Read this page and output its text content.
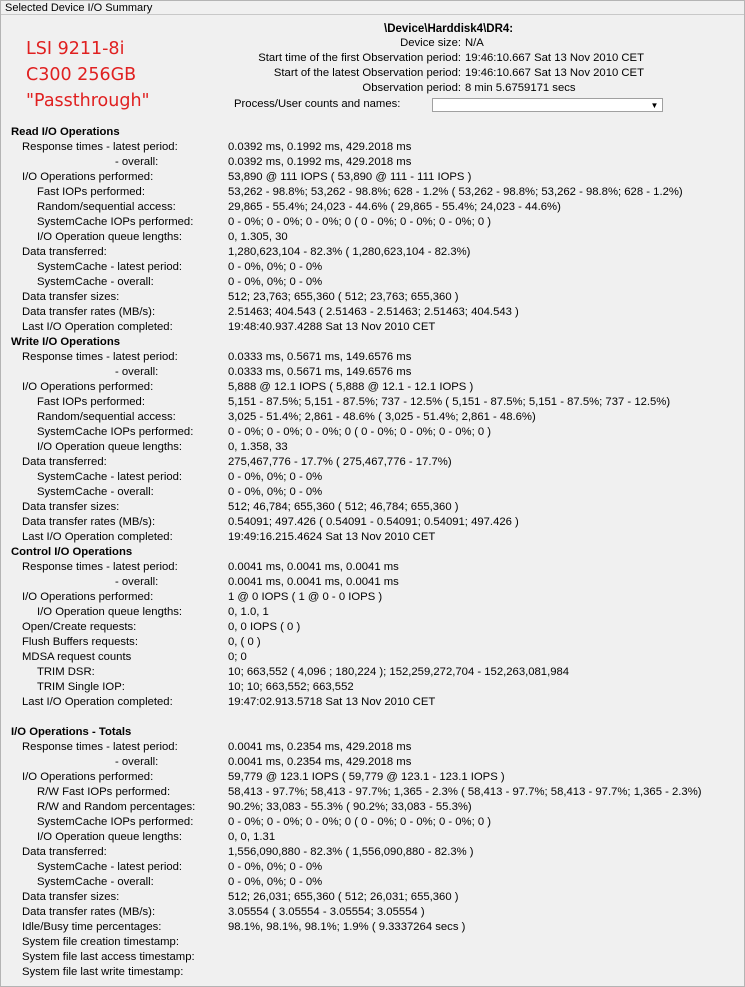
Selected Device I/O Summary
LSI 9211-8i
C300 256GB
"Passthrough"
\Device\Harddisk4\DR4:
Device size: N/A
Start time of the first Observation period: 19:46:10.667 Sat 13 Nov 2010 CET
Start of the latest Observation period: 19:46:10.667 Sat 13 Nov 2010 CET
Observation period: 8 min 5.6759171 secs
Process/User counts and names:	▼
Read I/O Operations
Response times - latest period:	0.0392 ms, 0.1992 ms, 429.2018 ms
- overall:	0.0392 ms, 0.1992 ms, 429.2018 ms
I/O Operations performed:	53,890 @ 111 IOPS ( 53,890 @ 111 - 111 IOPS )
Fast IOPs performed:	53,262 - 98.8%; 53,262 - 98.8%; 628 - 1.2% ( 53,262 - 98.8%; 53,262 - 98.8%; 628 - 1.2%)
Random/sequential access:	29,865 - 55.4%; 24,023 - 44.6% ( 29,865 - 55.4%; 24,023 - 44.6%)
SystemCache IOPs performed:	0 - 0%; 0 - 0%; 0 - 0%; 0 ( 0 - 0%; 0 - 0%; 0 - 0%; 0 )
I/O Operation queue lengths:	0, 1.305, 30
Data transferred:	1,280,623,104 - 82.3% ( 1,280,623,104 - 82.3%)
SystemCache - latest period:	0 - 0%, 0%; 0 - 0%
SystemCache - overall:	0 - 0%, 0%; 0 - 0%
Data transfer sizes:	512; 23,763; 655,360 ( 512; 23,763; 655,360 )
Data transfer rates (MB/s):	2.51463; 404.543 ( 2.51463 - 2.51463; 2.51463; 404.543 )
Last I/O Operation completed:	19:48:40.937.4288 Sat 13 Nov 2010 CET
Write I/O Operations
Response times - latest period:	0.0333 ms, 0.5671 ms, 149.6576 ms
- overall:	0.0333 ms, 0.5671 ms, 149.6576 ms
I/O Operations performed:	5,888 @ 12.1 IOPS ( 5,888 @ 12.1 - 12.1 IOPS )
Fast IOPs performed:	5,151 - 87.5%; 5,151 - 87.5%; 737 - 12.5% ( 5,151 - 87.5%; 5,151 - 87.5%; 737 - 12.5%)
Random/sequential access:	3,025 - 51.4%; 2,861 - 48.6% ( 3,025 - 51.4%; 2,861 - 48.6%)
SystemCache IOPs performed:	0 - 0%; 0 - 0%; 0 - 0%; 0 ( 0 - 0%; 0 - 0%; 0 - 0%; 0 )
I/O Operation queue lengths:	0, 1.358, 33
Data transferred:	275,467,776 - 17.7% ( 275,467,776 - 17.7%)
SystemCache - latest period:	0 - 0%, 0%; 0 - 0%
SystemCache - overall:	0 - 0%, 0%; 0 - 0%
Data transfer sizes:	512; 46,784; 655,360 ( 512; 46,784; 655,360 )
Data transfer rates (MB/s):	0.54091; 497.426 ( 0.54091 - 0.54091; 0.54091; 497.426 )
Last I/O Operation completed:	19:49:16.215.4624 Sat 13 Nov 2010 CET
Control I/O Operations
Response times - latest period:	0.0041 ms, 0.0041 ms, 0.0041 ms
- overall:	0.0041 ms, 0.0041 ms, 0.0041 ms
I/O Operations performed:	1 @ 0 IOPS ( 1 @ 0 - 0 IOPS )
I/O Operation queue lengths:	0, 1.0, 1
Open/Create requests:	0, 0 IOPS ( 0 )
Flush Buffers requests:	0, ( 0 )
MDSA request counts	0; 0
TRIM DSR:	10; 663,552 ( 4,096 ; 180,224 ); 152,259,272,704 - 152,263,081,984
TRIM Single IOP:	10; 10; 663,552; 663,552
Last I/O Operation completed:	19:47:02.913.5718 Sat 13 Nov 2010 CET
I/O Operations - Totals
Response times - latest period:	0.0041 ms, 0.2354 ms, 429.2018 ms
- overall:	0.0041 ms, 0.2354 ms, 429.2018 ms
I/O Operations performed:	59,779 @ 123.1 IOPS ( 59,779 @ 123.1 - 123.1 IOPS )
R/W Fast IOPs performed:	58,413 - 97.7%; 58,413 - 97.7%; 1,365 - 2.3% ( 58,413 - 97.7%; 58,413 - 97.7%; 1,365 - 2.3%)
R/W and Random percentages:	90.2%; 33,083 - 55.3% ( 90.2%; 33,083 - 55.3%)
SystemCache IOPs performed:	0 - 0%; 0 - 0%; 0 - 0%; 0 ( 0 - 0%; 0 - 0%; 0 - 0%; 0 )
I/O Operation queue lengths:	0, 0, 1.31
Data transferred:	1,556,090,880 - 82.3% ( 1,556,090,880 - 82.3% )
SystemCache - latest period:	0 - 0%, 0%; 0 - 0%
SystemCache - overall:	0 - 0%, 0%; 0 - 0%
Data transfer sizes:	512; 26,031; 655,360 ( 512; 26,031; 655,360 )
Data transfer rates (MB/s):	3.05554 ( 3.05554 - 3.05554; 3.05554 )
Idle/Busy time percentages:	98.1%, 98.1%, 98.1%; 1.9% ( 9.3337264 secs )
System file creation timestamp:
System file last access timestamp:
System file last write timestamp:
